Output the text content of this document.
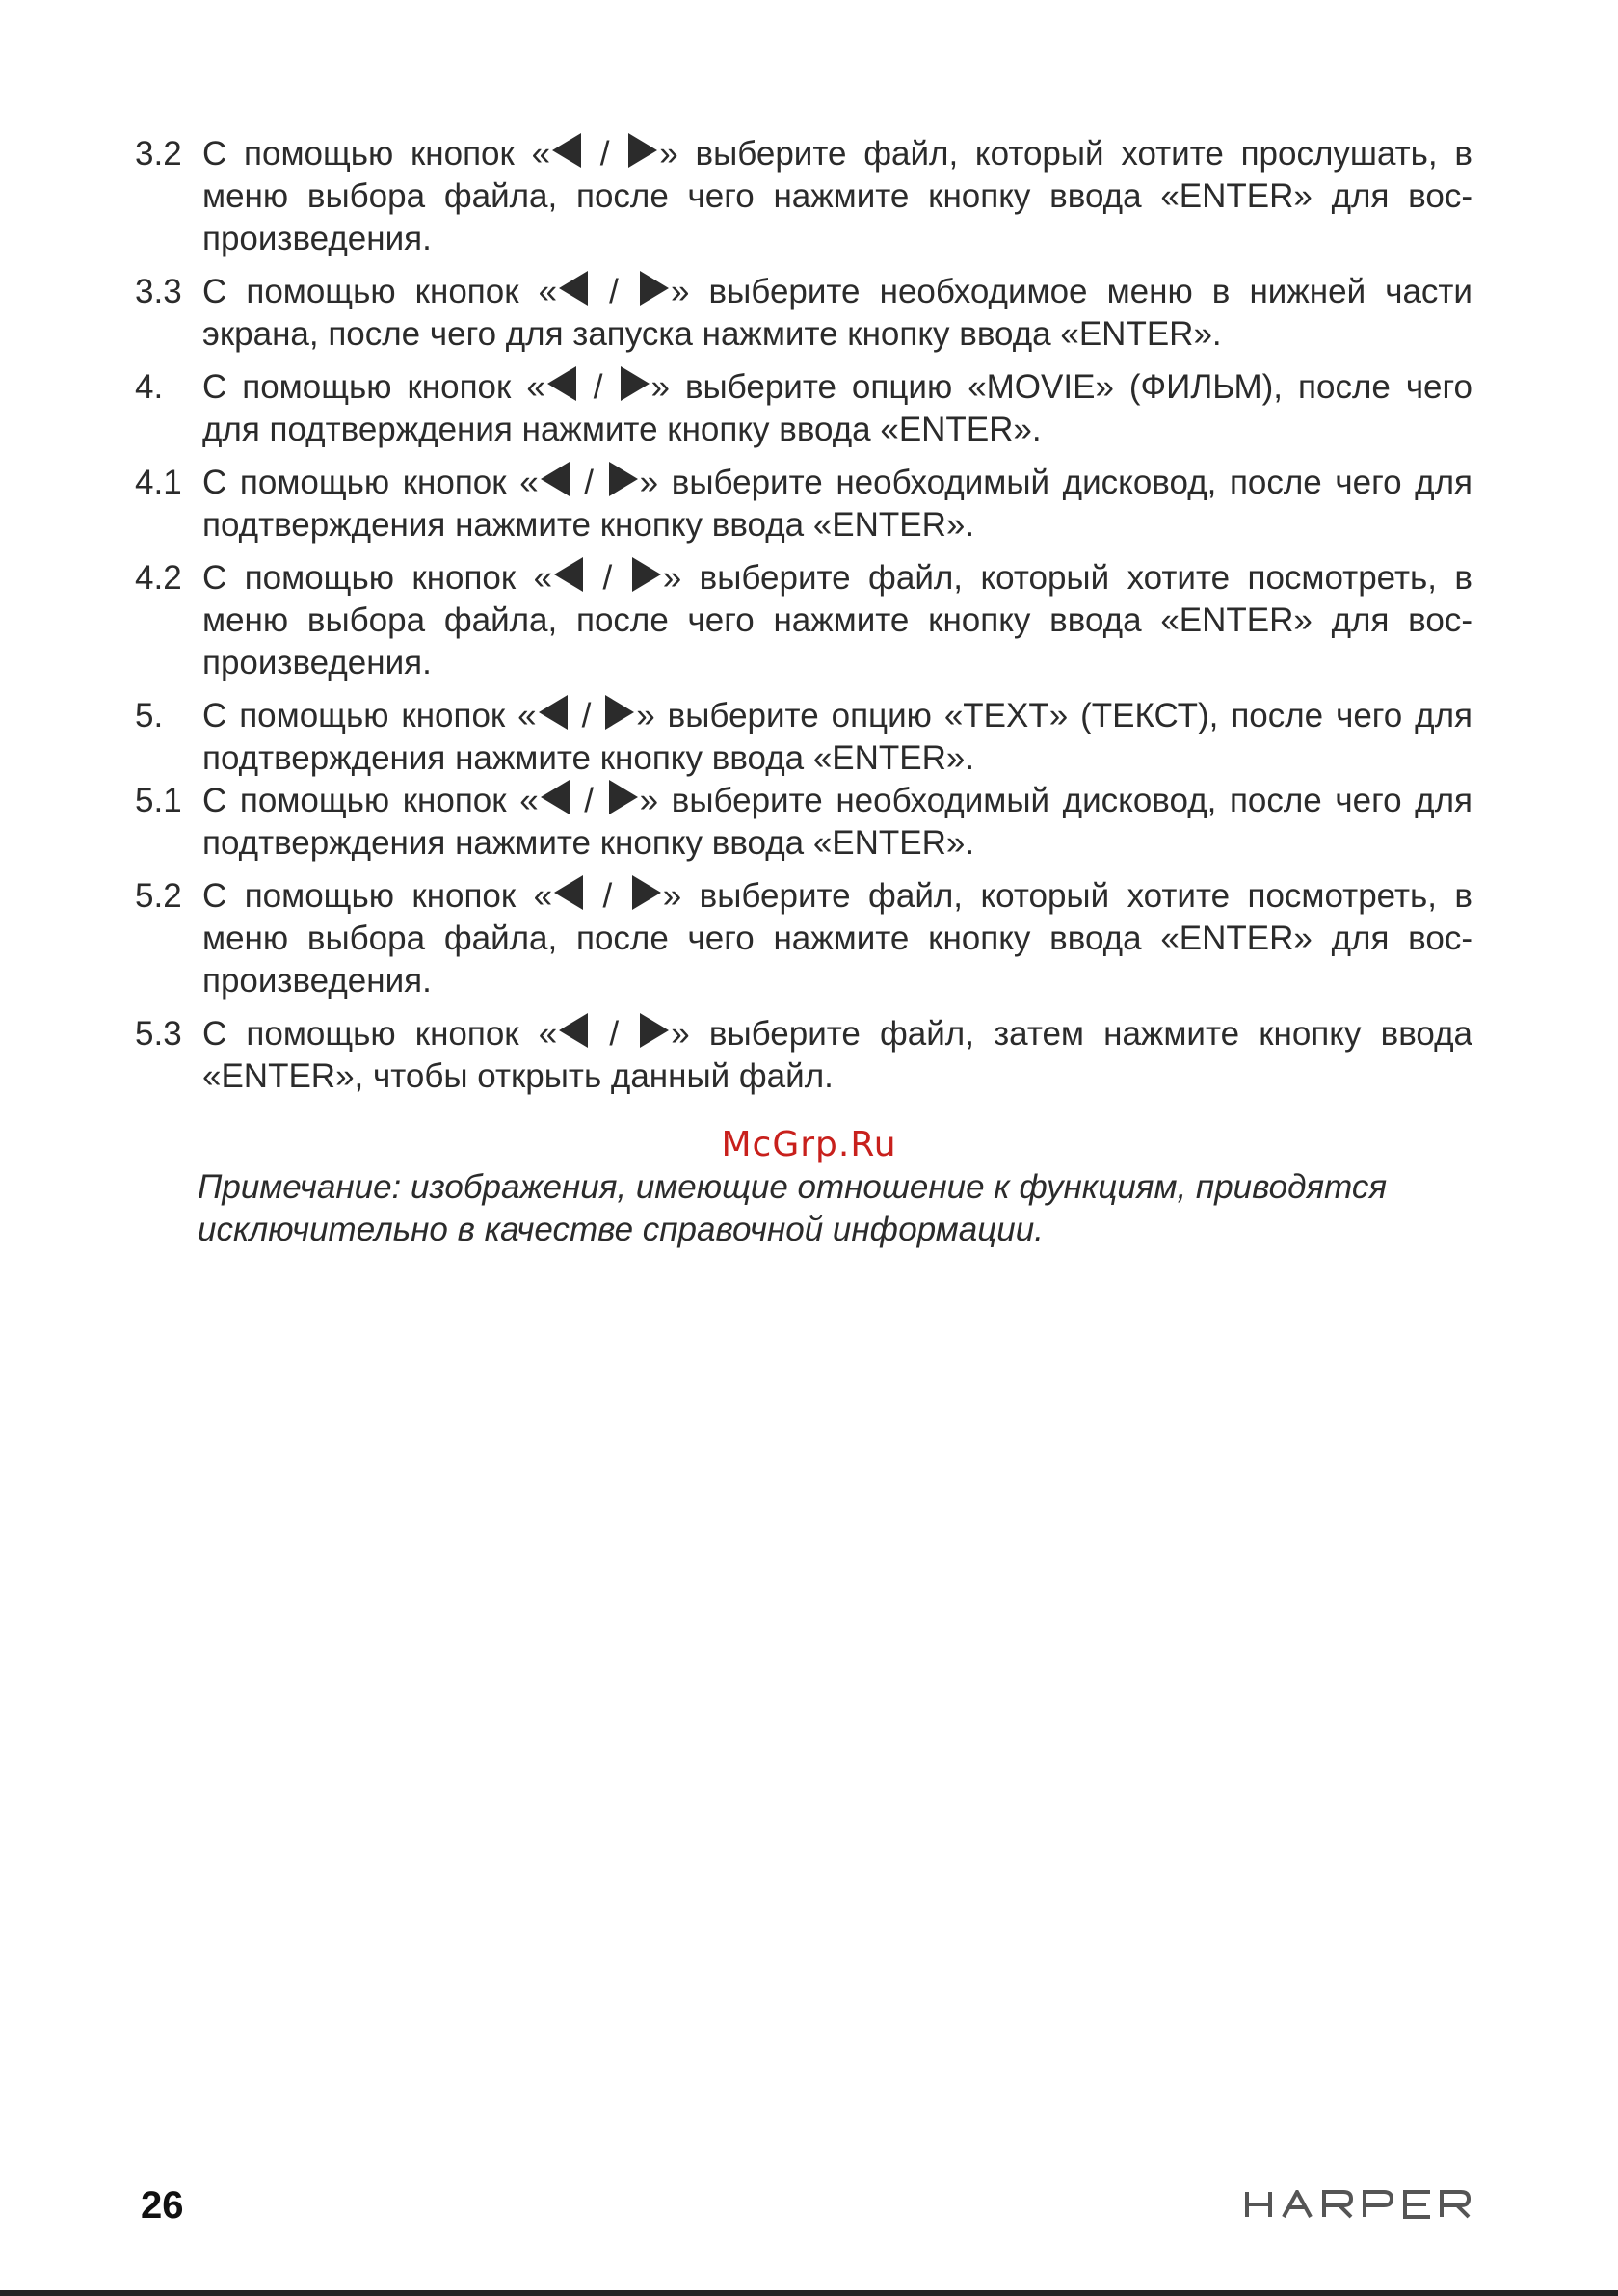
3.2 С помощью кнопок « / » выберите файл, который хотите прослушать, в меню выбора файла, после чего нажмите кнопку ввода «ENTER» для воспроизведения.
3.3 С помощью кнопок « / » выберите необходимое меню в нижней части экрана, после чего для запуска нажмите кнопку ввода «ENTER».
4.	С помощью кнопок « / » выберите опцию «MOVIE» (ФИЛЬМ), после чего для подтверждения нажмите кнопку ввода «ENTER».
4.1 С помощью кнопок « / » выберите необходимый дисковод, после чего для подтверждения нажмите кнопку ввода «ENTER».
4.2 С помощью кнопок « / » выберите файл, который хотите посмотреть, в меню выбора файла, после чего нажмите кнопку ввода «ENTER» для воспроизведения.
5.	С помощью кнопок « / » выберите опцию «TEXT» (ТЕКСТ), после чего для подтверждения нажмите кнопку ввода «ENTER».
5.1 С помощью кнопок « / » выберите необходимый дисковод, после чего для подтверждения нажмите кнопку ввода «ENTER».
5.2 С помощью кнопок « / » выберите файл, который хотите посмотреть, в меню выбора файла, после чего нажмите кнопку ввода «ENTER» для воспроизведения.
5.3 С помощью кнопок « / » выберите файл, затем нажмите кнопку ввода «ENTER», чтобы открыть данный файл.
McGrp.Ru
Примечание: изображения, имеющие отношение к функциям, приводятся исключительно в качестве справочной информации.
26
